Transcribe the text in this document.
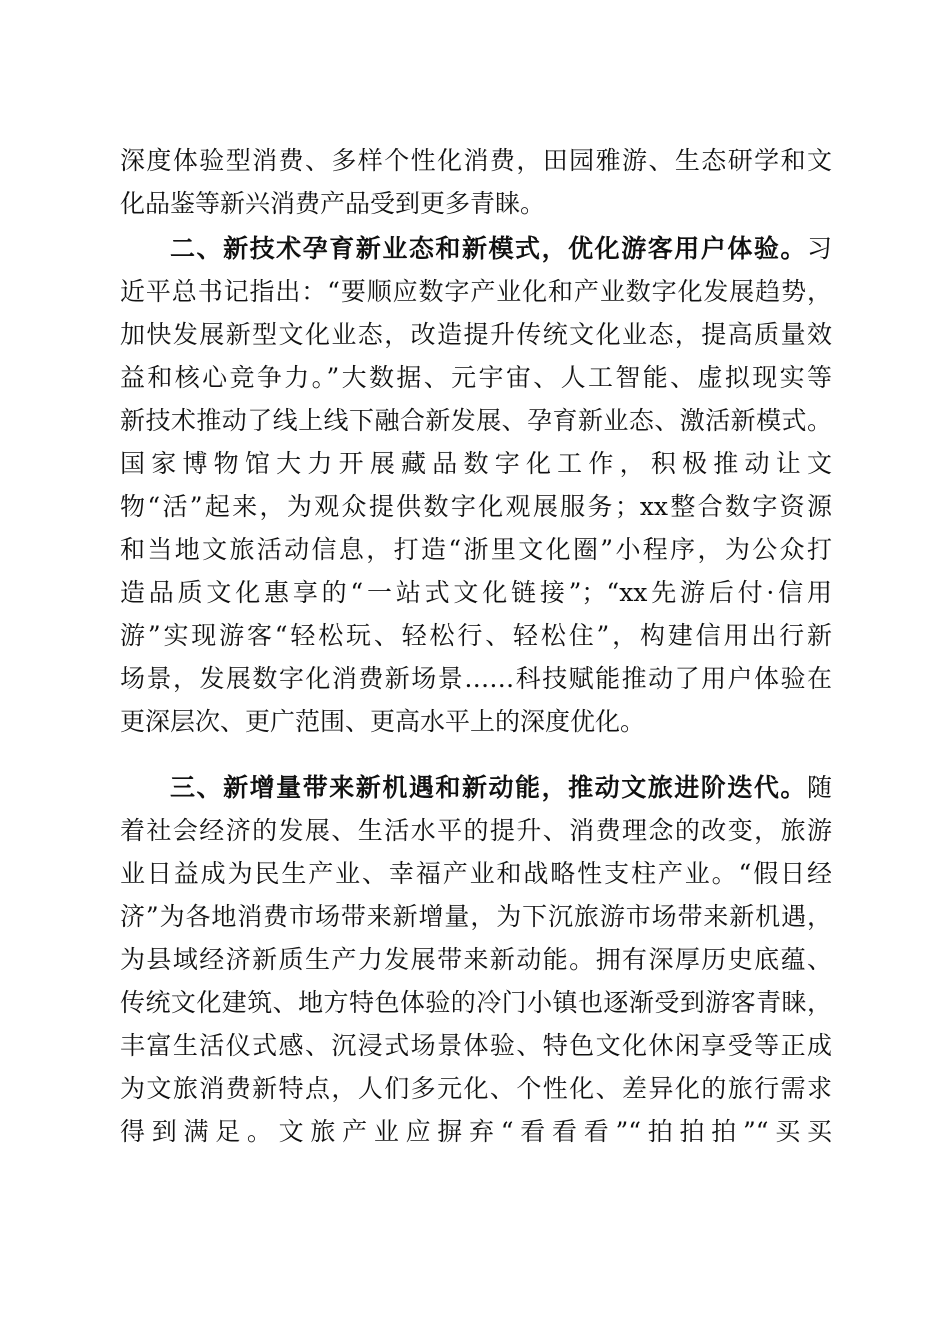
深度体验型消费、多样个性化消费，田园雅游、生态研学和文
化品鉴等新兴消费产品受到更多青睐。
二、新技术孕育新业态和新模式，优化游客用户体验。习
近平总书记指出：“要顺应数字产业化和产业数字化发展趋势，
加快发展新型文化业态，改造提升传统文化业态，提高质量效
益和核心竞争力。”大数据、元宇宙、人工智能、虚拟现实等
新技术推动了线上线下融合新发展、孕育新业态、激活新模式。
国家博物馆大力开展藏品数字化工作，积极推动让文
物“活”起来，为观众提供数字化观展服务；xx整合数字资源
和当地文旅活动信息，打造“浙里文化圈”小程序，为公众打
造品质文化惠享的“一站式文化链接”；“xx先游后付·信用
游”实现游客“轻松玩、轻松行、轻松住”，构建信用出行新
场景，发展数字化消费新场景……科技赋能推动了用户体验在
更深层次、更广范围、更高水平上的深度优化。
三、新增量带来新机遇和新动能，推动文旅进阶迭代。随
着社会经济的发展、生活水平的提升、消费理念的改变，旅游
业日益成为民生产业、幸福产业和战略性支柱产业。“假日经
济”为各地消费市场带来新增量，为下沉旅游市场带来新机遇，
为县域经济新质生产力发展带来新动能。拥有深厚历史底蕴、
传统文化建筑、地方特色体验的冷门小镇也逐渐受到游客青睐，
丰富生活仪式感、沉浸式场景体验、特色文化休闲享受等正成
为文旅消费新特点，人们多元化、个性化、差异化的旅行需求
得到满足。文旅产业应摒弃“看看看”“拍拍拍”“买买
